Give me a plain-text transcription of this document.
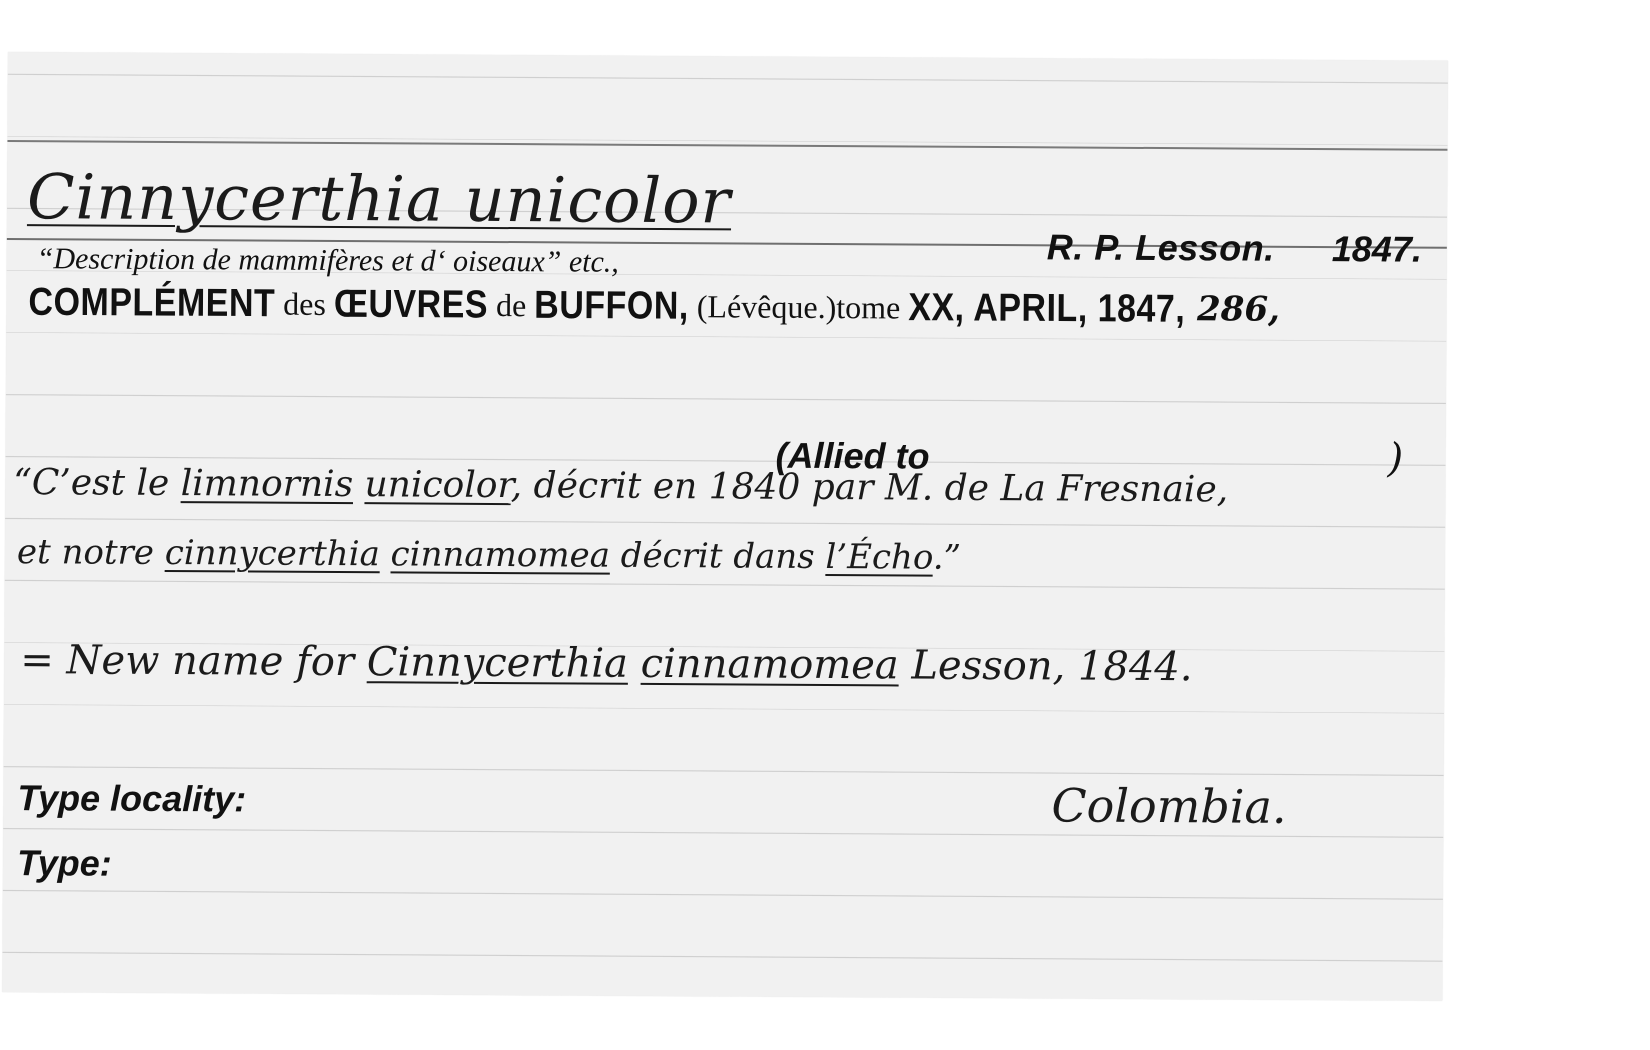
Cinnycerthia unicolor
R. P. Lesson. 1847.
“Description de mammifères et d‘ oiseaux” etc.,
COMPLÉMENT des ŒUVRES de BUFFON, (Lévêque.)tome XX, APRIL, 1847, 286,
(Allied to	)
“C’est le limnornis unicolor, décrit en 1840 par M. de La Fresnaie,
et notre cinnycerthia cinnamomea décrit dans l’Écho.”
= New name for Cinnycerthia cinnamomea Lesson, 1844.
Type locality:
Type:
Colombia.
